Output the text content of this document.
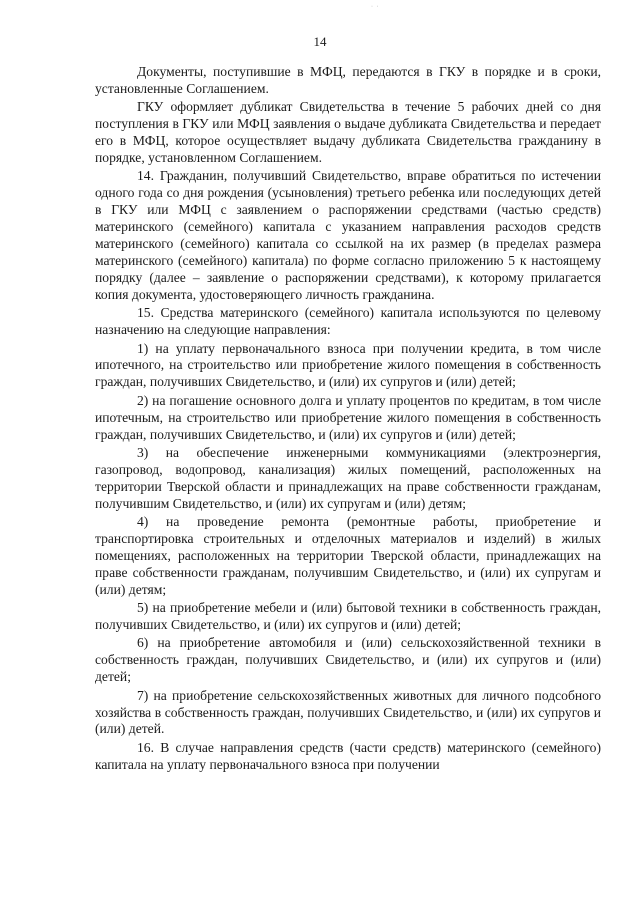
· ·
14

Документы, поступившие в МФЦ, передаются в ГКУ в порядке и в сроки, установленные Соглашением.

ГКУ оформляет дубликат Свидетельства в течение 5 рабочих дней со дня поступления в ГКУ или МФЦ заявления о выдаче дубликата Свидетельства и передает его в МФЦ, которое осуществляет выдачу дубликата Свидетельства гражданину в порядке, установленном Соглашением.

14. Гражданин, получивший Свидетельство, вправе обратиться по истечении одного года со дня рождения (усыновления) третьего ребенка или последующих детей в ГКУ или МФЦ с заявлением о распоряжении средствами (частью средств) материнского (семейного) капитала с указанием направления расходов средств материнского (семейного) капитала со ссылкой на их размер (в пределах размера материнского (семейного) капитала) по форме согласно приложению 5 к настоящему порядку (далее – заявление о распоряжении средствами), к которому прилагается копия документа, удостоверяющего личность гражданина.

15. Средства материнского (семейного) капитала используются по целевому назначению на следующие направления:

1) на уплату первоначального взноса при получении кредита, в том числе ипотечного, на строительство или приобретение жилого помещения в собственность граждан, получивших Свидетельство, и (или) их супругов и (или) детей;

2) на погашение основного долга и уплату процентов по кредитам, в том числе ипотечным, на строительство или приобретение жилого помещения в собственность граждан, получивших Свидетельство, и (или) их супругов и (или) детей;

3) на обеспечение инженерными коммуникациями (электроэнергия, газопровод, водопровод, канализация) жилых помещений, расположенных на территории Тверской области и принадлежащих на праве собственности гражданам, получившим Свидетельство, и (или) их супругам и (или) детям;

4) на проведение ремонта (ремонтные работы, приобретение и транспортировка строительных и отделочных материалов и изделий) в жилых помещениях, расположенных на территории Тверской области, принадлежащих на праве собственности гражданам, получившим Свидетельство, и (или) их супругам и (или) детям;

5) на приобретение мебели и (или) бытовой техники в собственность граждан, получивших Свидетельство, и (или) их супругов и (или) детей;

6) на приобретение автомобиля и (или) сельскохозяйственной техники в собственность граждан, получивших Свидетельство, и (или) их супругов и (или) детей;

7) на приобретение сельскохозяйственных животных для личного подсобного хозяйства в собственность граждан, получивших Свидетельство, и (или) их супругов и (или) детей.

16. В случае направления средств (части средств) материнского (семейного) капитала на уплату первоначального взноса при получении
